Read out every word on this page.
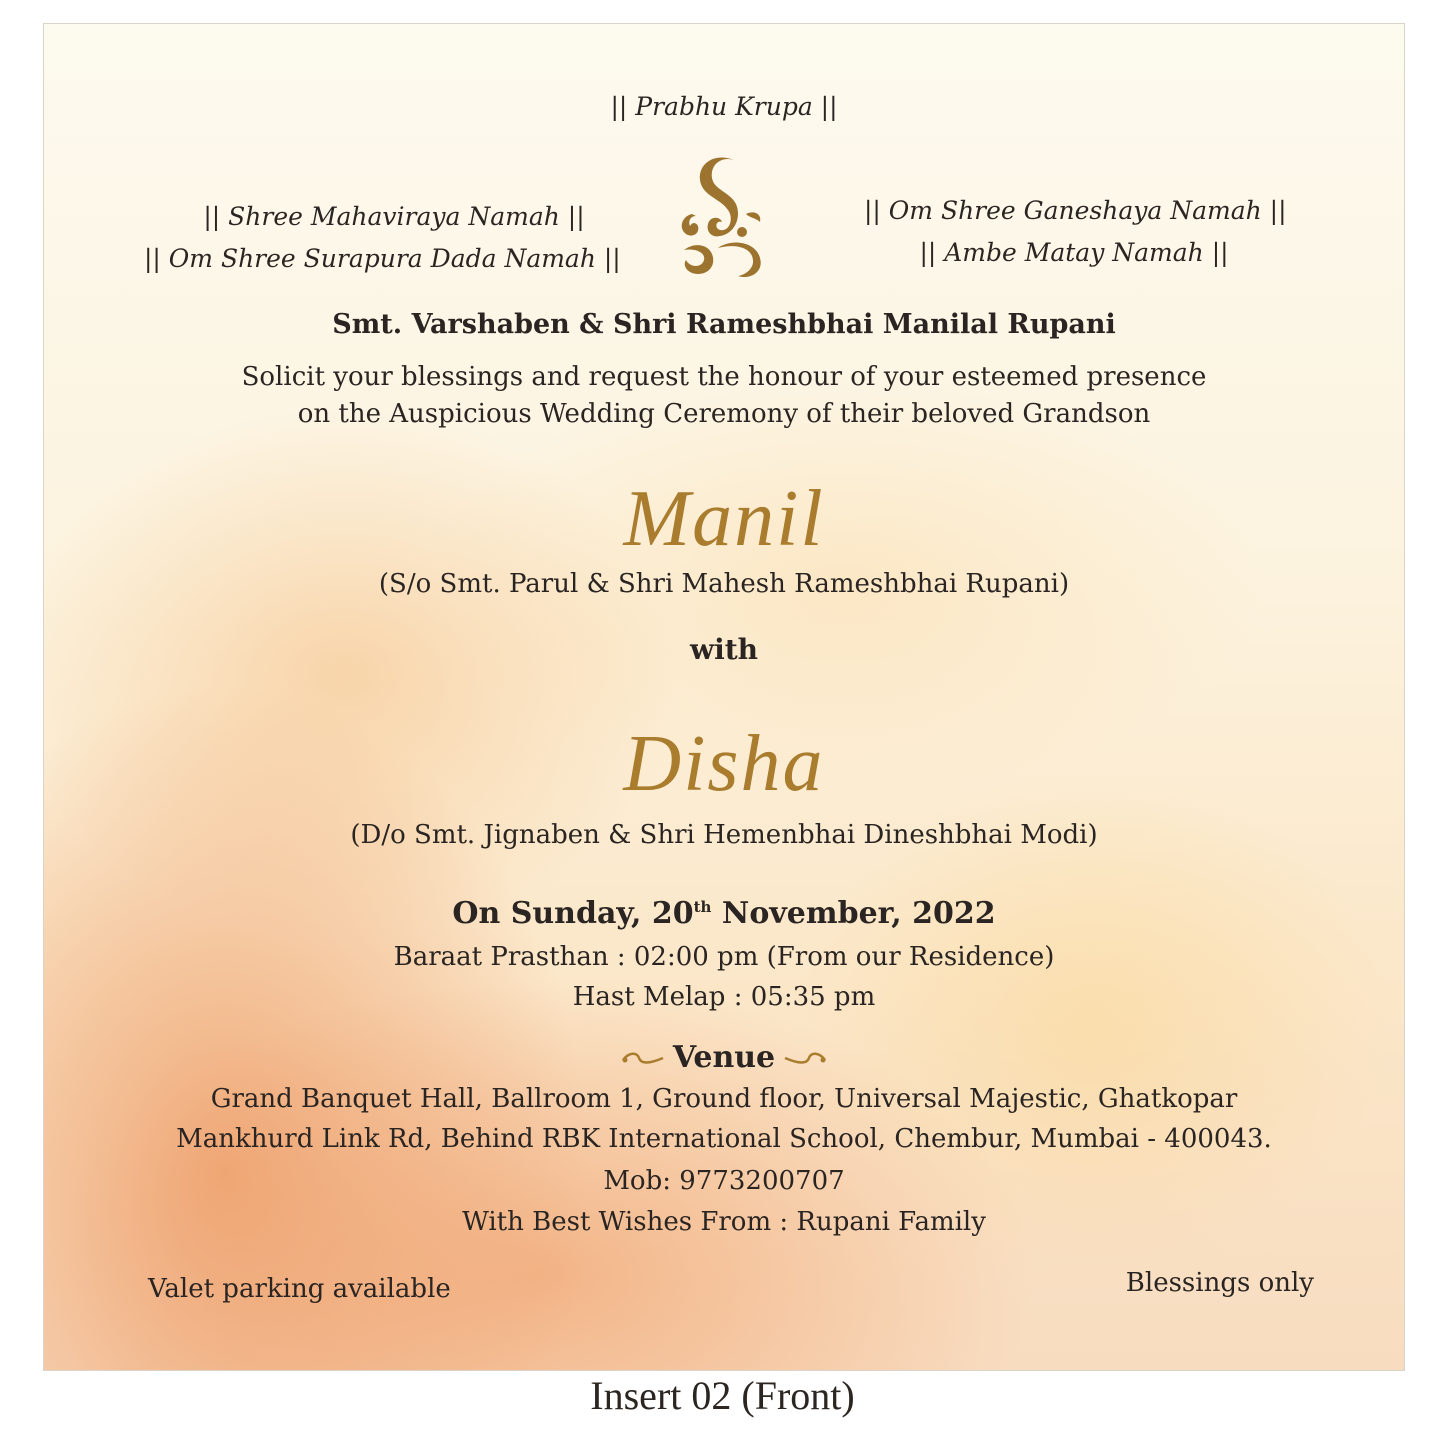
|| Prabhu Krupa ||
|| Shree Mahaviraya Namah ||
|| Om Shree Surapura Dada Namah ||
|| Om Shree Ganeshaya Namah ||
|| Ambe Matay Namah ||
Smt. Varshaben & Shri Rameshbhai Manilal Rupani
Solicit your blessings and request the honour of your esteemed presence
on the Auspicious Wedding Ceremony of their beloved Grandson
Manil
(S/o Smt. Parul & Shri Mahesh Rameshbhai Rupani)
with
Disha
(D/o Smt. Jignaben & Shri Hemenbhai Dineshbhai Modi)
On Sunday, 20th November, 2022
Baraat Prasthan : 02:00 pm (From our Residence)
Hast Melap : 05:35 pm
Venue
Grand Banquet Hall, Ballroom 1, Ground floor, Universal Majestic, Ghatkopar
Mankhurd Link Rd, Behind RBK International School, Chembur, Mumbai - 400043.
Mob: 9773200707
With Best Wishes From : Rupani Family
Valet parking available	Blessings only
Insert 02 (Front)
